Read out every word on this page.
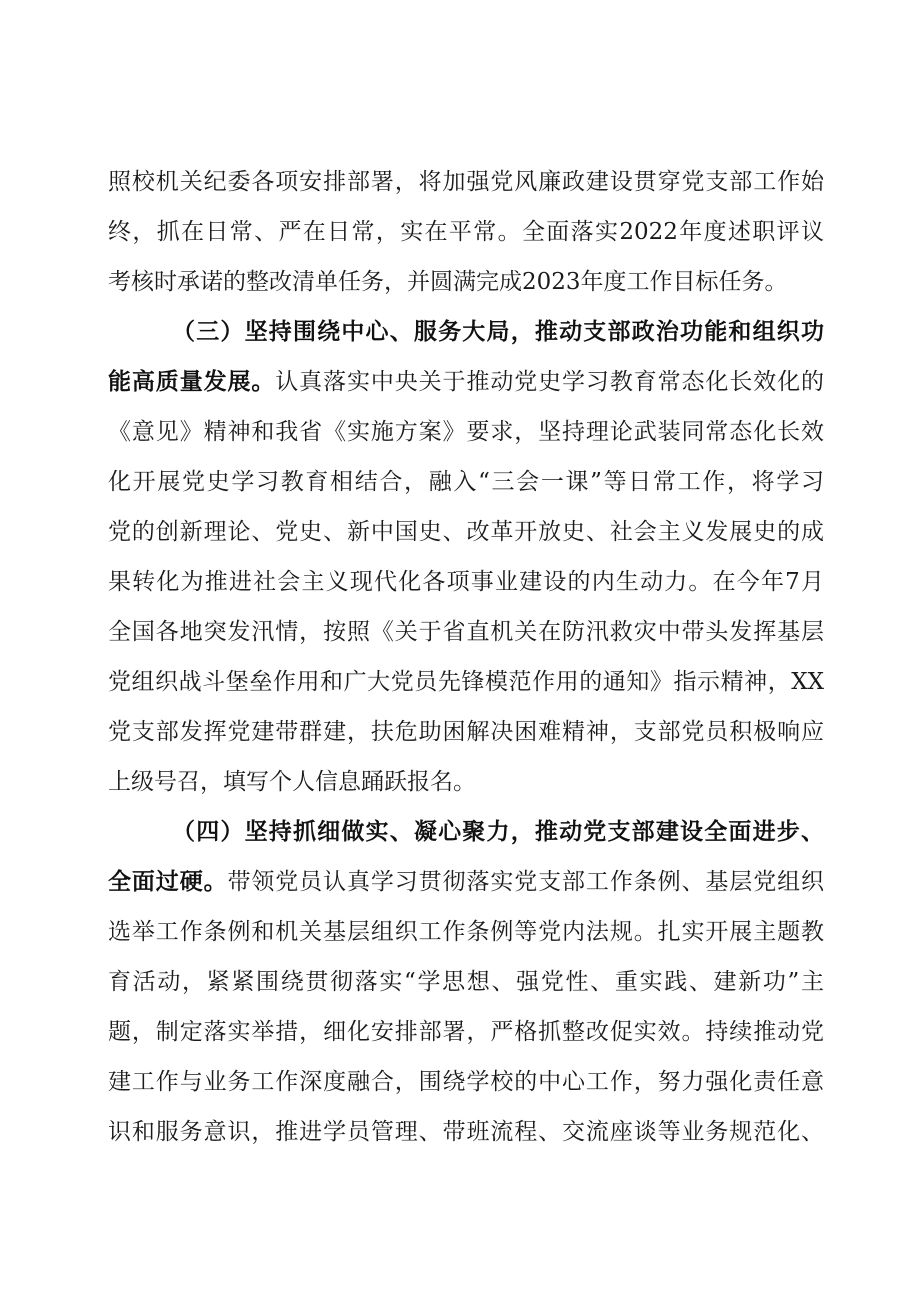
照校机关纪委各项安排部署，将加强党风廉政建设贯穿党支部工作始
终，抓在日常、严在日常，实在平常。全面落实2022年度述职评议
考核时承诺的整改清单任务，并圆满完成2023年度工作目标任务。
（三）坚持围绕中心、服务大局，推动支部政治功能和组织功
能高质量发展。认真落实中央关于推动党史学习教育常态化长效化的
《意见》精神和我省《实施方案》要求，坚持理论武装同常态化长效
化开展党史学习教育相结合，融入“三会一课”等日常工作，将学习
党的创新理论、党史、新中国史、改革开放史、社会主义发展史的成
果转化为推进社会主义现代化各项事业建设的内生动力。在今年7月
全国各地突发汛情，按照《关于省直机关在防汛救灾中带头发挥基层
党组织战斗堡垒作用和广大党员先锋模范作用的通知》指示精神，XX
党支部发挥党建带群建，扶危助困解决困难精神，支部党员积极响应
上级号召，填写个人信息踊跃报名。
（四）坚持抓细做实、凝心聚力，推动党支部建设全面进步、
全面过硬。带领党员认真学习贯彻落实党支部工作条例、基层党组织
选举工作条例和机关基层组织工作条例等党内法规。扎实开展主题教
育活动，紧紧围绕贯彻落实“学思想、强党性、重实践、建新功”主
题，制定落实举措，细化安排部署，严格抓整改促实效。持续推动党
建工作与业务工作深度融合，围绕学校的中心工作，努力强化责任意
识和服务意识，推进学员管理、带班流程、交流座谈等业务规范化、
